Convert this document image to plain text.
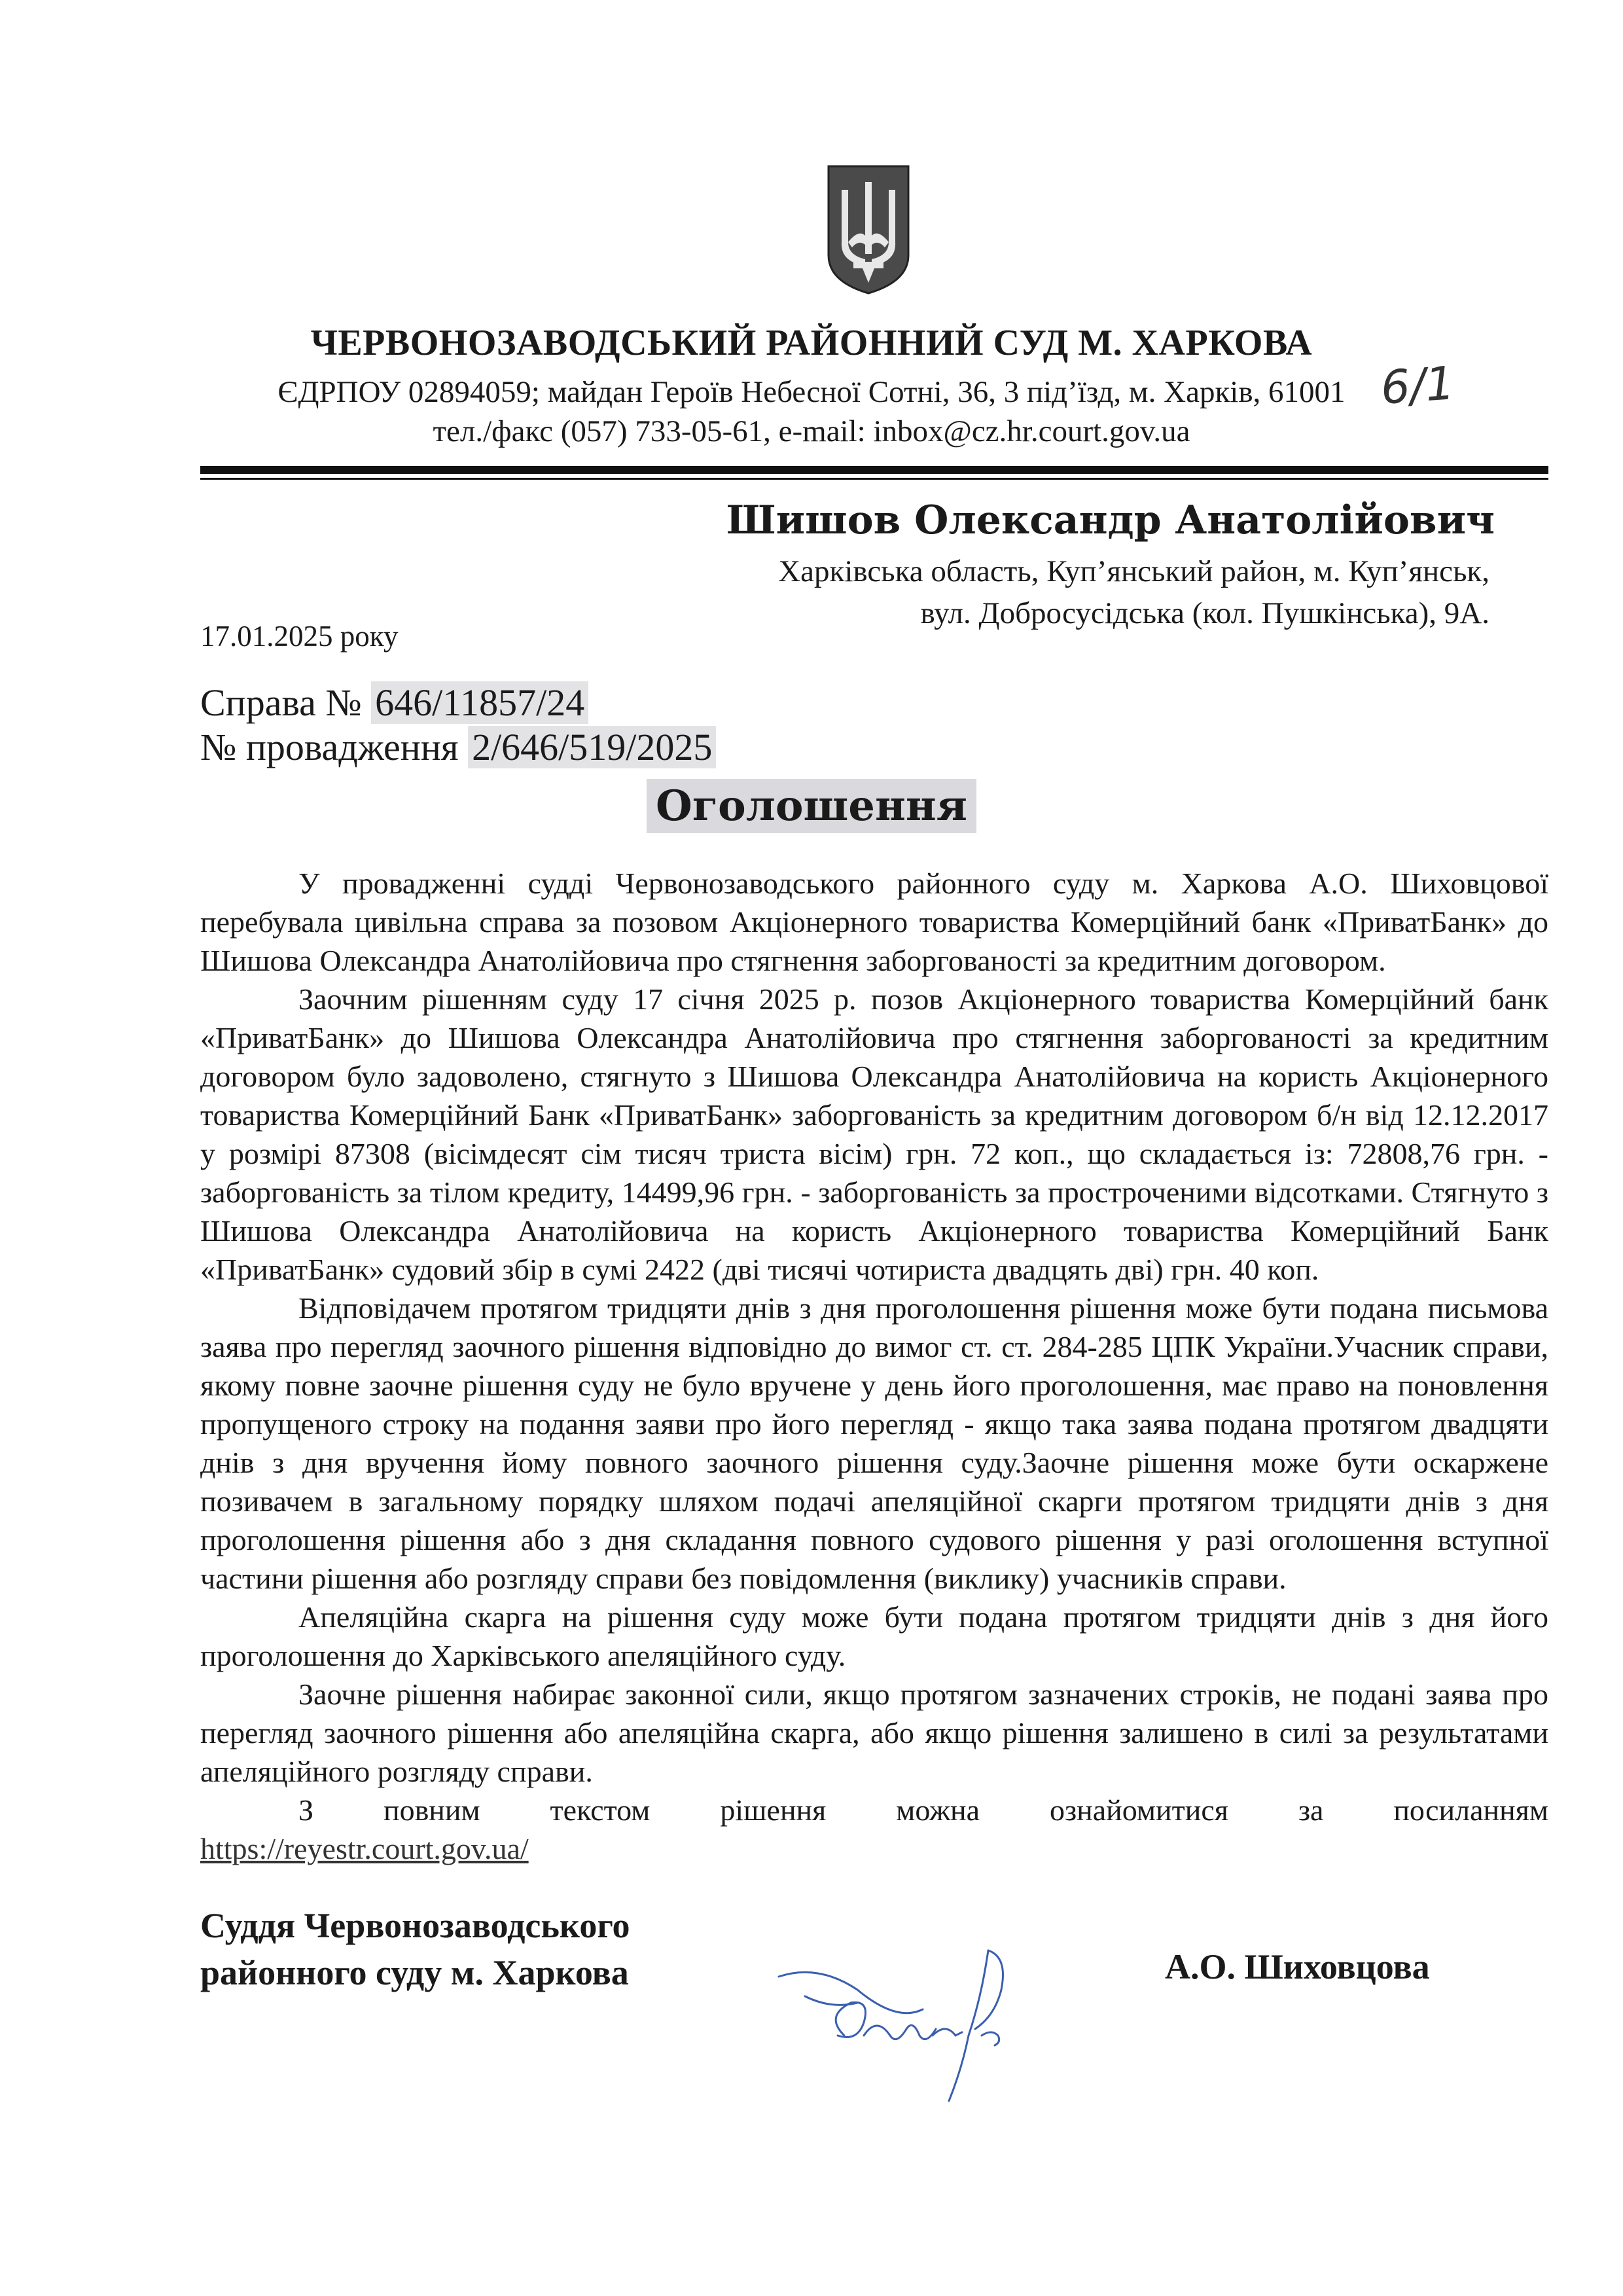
ЧЕРВОНОЗАВОДСЬКИЙ РАЙОННИЙ СУД М. ХАРКОВА
ЄДРПОУ 02894059; майдан Героїв Небесної Сотні, 36, 3 під’їзд, м. Харків, 61001
тел./факс (057) 733-05-61, e-mail: inbox@cz.hr.court.gov.ua
6/1
Шишов Олександр Анатолійович
Харківська область, Куп’янський район, м. Куп’янськ,
вул. Добросусідська (кол. Пушкінська), 9А.
17.01.2025 року
Справа № 646/11857/24
№ провадження 2/646/519/2025
Оголошення

У провадженні судді Червонозаводського районного суду м. Харкова А.О. Шиховцової перебувала цивільна справа за позовом Акціонерного товариства Комерційний банк «ПриватБанк» до Шишова Олександра Анатолійовича про стягнення заборгованості за кредитним договором.

Заочним рішенням суду 17 січня 2025 р. позов Акціонерного товариства Комерційний банк «ПриватБанк» до Шишова Олександра Анатолійовича про стягнення заборгованості за кредитним договором було задоволено, стягнуто з Шишова Олександра Анатолійовича на користь Акціонерного товариства Комерційний Банк «ПриватБанк» заборгованість за кредитним договором б/н від 12.12.2017 у розмірі 87308 (вісімдесят сім тисяч триста вісім) грн. 72 коп., що складається із: 72808,76 грн. - заборгованість за тілом кредиту, 14499,96 грн. - заборгованість за простроченими відсотками. Стягнуто з Шишова Олександра Анатолійовича на користь Акціонерного товариства Комерційний Банк «ПриватБанк» судовий збір в сумі 2422 (дві тисячі чотириста двадцять дві) грн. 40 коп.

Відповідачем протягом тридцяти днів з дня проголошення рішення може бути подана письмова заява про перегляд заочного рішення відповідно до вимог ст. ст. 284-285 ЦПК України.Учасник справи, якому повне заочне рішення суду не було вручене у день його проголошення, має право на поновлення пропущеного строку на подання заяви про його перегляд - якщо така заява подана протягом двадцяти днів з дня вручення йому повного заочного рішення суду.Заочне рішення може бути оскаржене позивачем в загальному порядку шляхом подачі апеляційної скарги протягом тридцяти днів з дня проголошення рішення або з дня складання повного судового рішення у разі оголошення вступної частини рішення або розгляду справи без повідомлення (виклику) учасників справи.

Апеляційна скарга на рішення суду може бути подана протягом тридцяти днів з дня його проголошення до Харківського апеляційного суду.

Заочне рішення набирає законної сили, якщо протягом зазначених строків, не подані заява про перегляд заочного рішення або апеляційна скарга, або якщо рішення залишено в силі за результатами апеляційного розгляду справи.

З повним текстом рішення можна ознайомитися за посиланням

https://reyestr.court.gov.ua/

Суддя Червонозаводського
районного суду м. Харкова	А.О. Шиховцова
